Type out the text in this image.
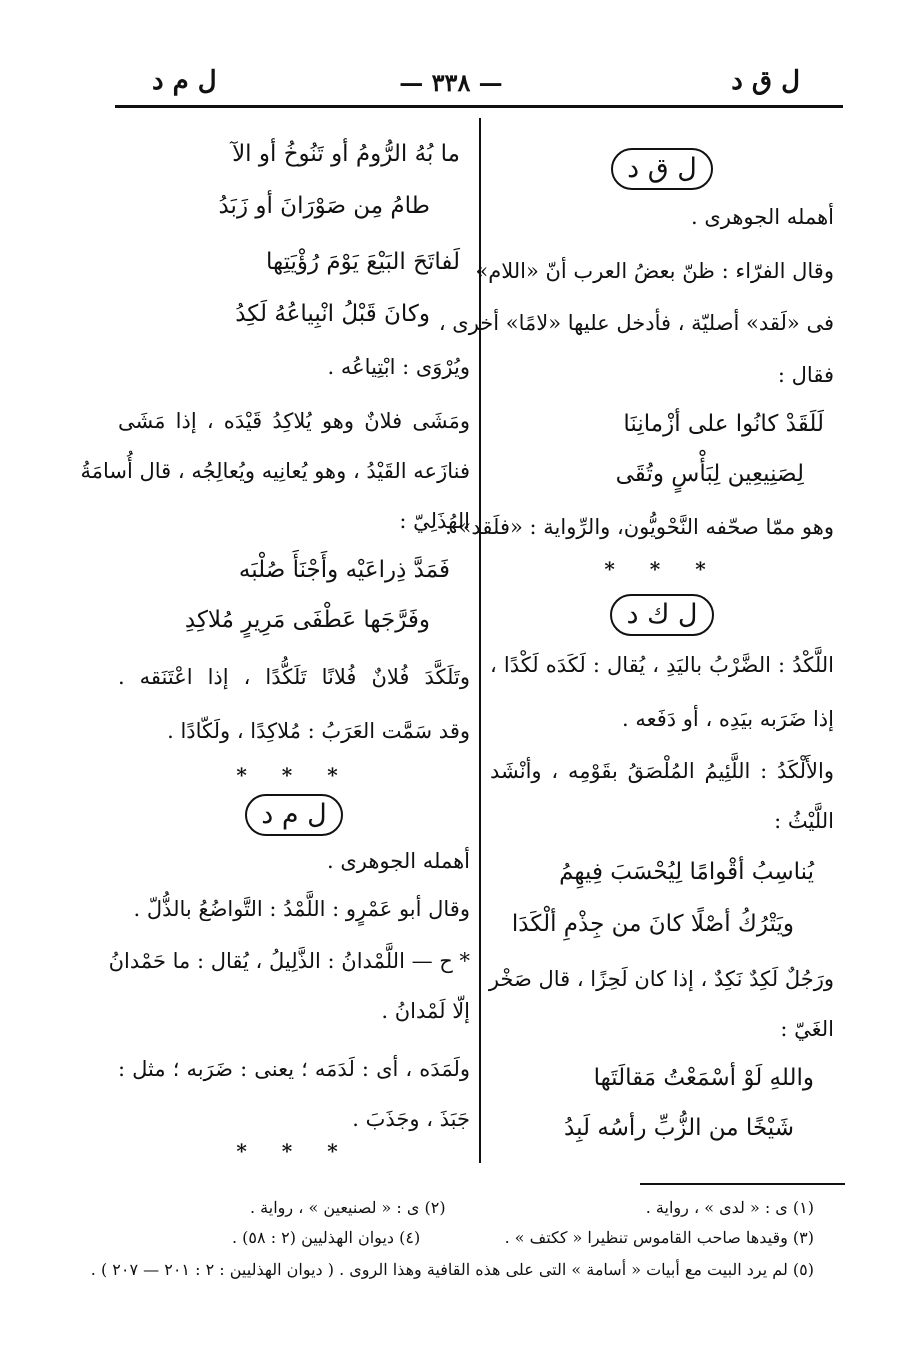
ل ق د
— ٣٣٨ —
ل م د
ل ق د
أهمله الجوهرى .
وقال الفرّاء : ظنّ بعضُ العرب أنّ «اللام»
فى «لَقد» أصليّة ، فأدخل عليها «لامًا» أخرى ،
فقال :
لَلَقَدْ كانُوا على أزْمانِنَا
لِصَنِيعِين لِبَأْسٍ وتُقَى
وهو ممّا صحّفه النَّحْويُّون، والرِّواية : «فلَقد» .
* * *
ل ك د
اللَّكْدُ : الضَّرْبُ باليَدِ ، يُقال : لَكَدَه لَكْدًا ،
إذا ضَرَبه بيَدِه ، أو دَفَعه .
والأَلْكَدُ : اللَّئِيمُ المُلْصَقُ بقَوْمِه ، وأنْشَد
اللَّيْثُ :
يُناسِبُ أقْوامًا لِيُحْسَبَ فِيهِمُ
ويَتْرُكُ أصْلًا كانَ من جِذْمِ ألْكَدَا
ورَجُلٌ لَكِدٌ نَكِدٌ ، إذا كان لَحِزًا ، قال صَخْر
الغَيّ :
واللهِ لَوْ أسْمَعْتُ مَقالَتَها
شَيْخًا من الزُّبِّ رأسُه لَبِدُ
ما بُهُ الرُّومُ أو تَنُوخُ أو الآ
طامُ مِن صَوْرَانَ أو زَبَدُ
لَفاتَحَ البَيْعَ يَوْمَ رُؤْيَتِها
وكانَ قَبْلُ انْبِياعُهُ لَكِدُ
ويُرْوَى : ابْتِياعُه .
ومَشَى فلانٌ وهو يُلاكِدُ قَيْدَه ، إذا مَشَى
فنازَعه القَيْدُ ، وهو يُعانِيه ويُعالِجُه ، قال أُسامَةُ
الهُذَلِيّ :
فَمَدَّ ذِراعَيْه وأَجْنَأَ صُلْبَه
وفَرَّجَها عَطْفَى مَرِيرٍ مُلاكِدِ
وتَلَكَّدَ فُلانٌ فُلانًا تَلَكُّدًا ، إذا اعْتَنَقه .
وقد سَمَّت العَرَبُ : مُلاكِدًا ، ولَكّادًا .
* * *
ل م د
أهمله الجوهرى .
وقال أبو عَمْرٍو : اللَّمْدُ : التَّواضُعُ بالذُّلّ .
* ح — اللَّمْدانُ : الذَّلِيلُ ، يُقال : ما حَمْدانُ
إلّا لَمْدانُ .
ولَمَدَه ، أى : لَدَمَه ؛ يعنى : ضَرَبه ؛ مثل :
جَبَذَ ، وجَذَبَ .
* * *
(١) ى : « لدى » ، رواية .
(٢) ى : « لصنيعين » ، رواية .
(٣) وقيدها صاحب القاموس تنظيرا « ككتف » .
(٤) ديوان الهذليين (٢ : ٥٨) .
(٥) لم يرد البيت مع أبيات « أسامة » التى على هذه القافية وهذا الروى . ( ديوان الهذليين : ٢ : ٢٠١ — ٢٠٧ ) .
